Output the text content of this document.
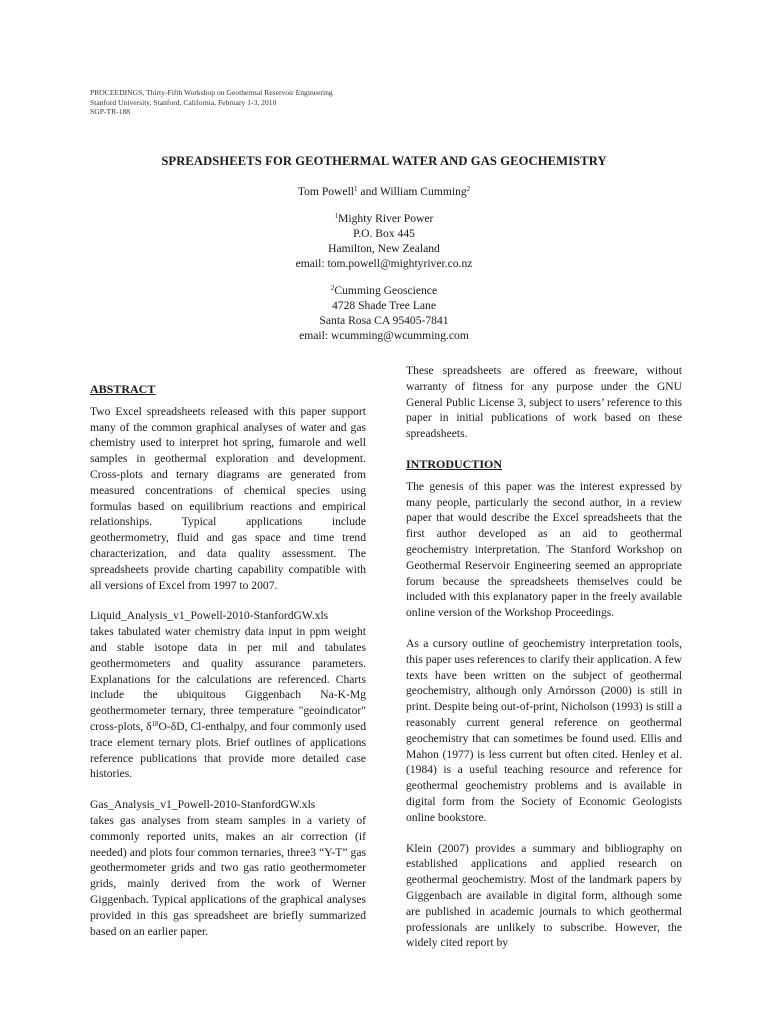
PROCEEDINGS, Thirty-Fifth Workshop on Geothermal Reservoir Engineering
Stanford University, Stanford, California, February 1-3, 2010
SGP-TR-188
SPREADSHEETS FOR GEOTHERMAL WATER AND GAS GEOCHEMISTRY
Tom Powell$^1$ and William Cumming$^2$
$^1$Mighty River Power
P.O. Box 445
Hamilton, New Zealand
email: tom.powell@mightyriver.co.nz
$^2$Cumming Geoscience
4728 Shade Tree Lane
Santa Rosa CA 95405-7841
email: wcumming@wcumming.com
ABSTRACT

Two Excel spreadsheets released with this paper support many of the common graphical analyses of water and gas chemistry used to interpret hot spring, fumarole and well samples in geothermal exploration and development. Cross-plots and ternary diagrams are generated from measured concentrations of chemical species using formulas based on equilibrium reactions and empirical relationships. Typical applications include geothermometry, fluid and gas space and time trend characterization, and data quality assessment. The spreadsheets provide charting capability compatible with all versions of Excel from 1997 to 2007.

Liquid_Analysis_v1_Powell-2010-StanfordGW.xls
takes tabulated water chemistry data input in ppm weight and stable isotope data in per mil and tabulates geothermometers and quality assurance parameters. Explanations for the calculations are referenced. Charts include the ubiquitous Giggenbach Na-K-Mg geothermometer ternary, three temperature "geoindicator" cross-plots, $\delta^{18}O-\delta D$, Cl-enthalpy, and four commonly used trace element ternary plots. Brief outlines of applications reference publications that provide more detailed case histories.

Gas_Analysis_v1_Powell-2010-StanfordGW.xls
takes gas analyses from steam samples in a variety of commonly reported units, makes an air correction (if needed) and plots four common ternaries, three3 “Y-T” gas geothermometer grids and two gas ratio geothermometer grids, mainly derived from the work of Werner Giggenbach. Typical applications of the graphical analyses provided in this gas spreadsheet are briefly summarized based on an earlier paper.

These spreadsheets are offered as freeware, without warranty of fitness for any purpose under the GNU General Public License 3, subject to users’ reference to this paper in initial publications of work based on these spreadsheets.

INTRODUCTION

The genesis of this paper was the interest expressed by many people, particularly the second author, in a review paper that would describe the Excel spreadsheets that the first author developed as an aid to geothermal geochemistry interpretation. The Stanford Workshop on Geothermal Reservoir Engineering seemed an appropriate forum because the spreadsheets themselves could be included with this explanatory paper in the freely available online version of the Workshop Proceedings.

As a cursory outline of geochemistry interpretation tools, this paper uses references to clarify their application. A few texts have been written on the subject of geothermal geochemistry, although only Arnórsson (2000) is still in print. Despite being out-of-print, Nicholson (1993) is still a reasonably current general reference on geothermal geochemistry that can sometimes be found used. Ellis and Mahon (1977) is less current but often cited. Henley et al. (1984) is a useful teaching resource and reference for geothermal geochemistry problems and is available in digital form from the Society of Economic Geologists online bookstore.

Klein (2007) provides a summary and bibliography on established applications and applied research on geothermal geochemistry. Most of the landmark papers by Giggenbach are available in digital form, although some are published in academic journals to which geothermal professionals are unlikely to subscribe. However, the widely cited report by
